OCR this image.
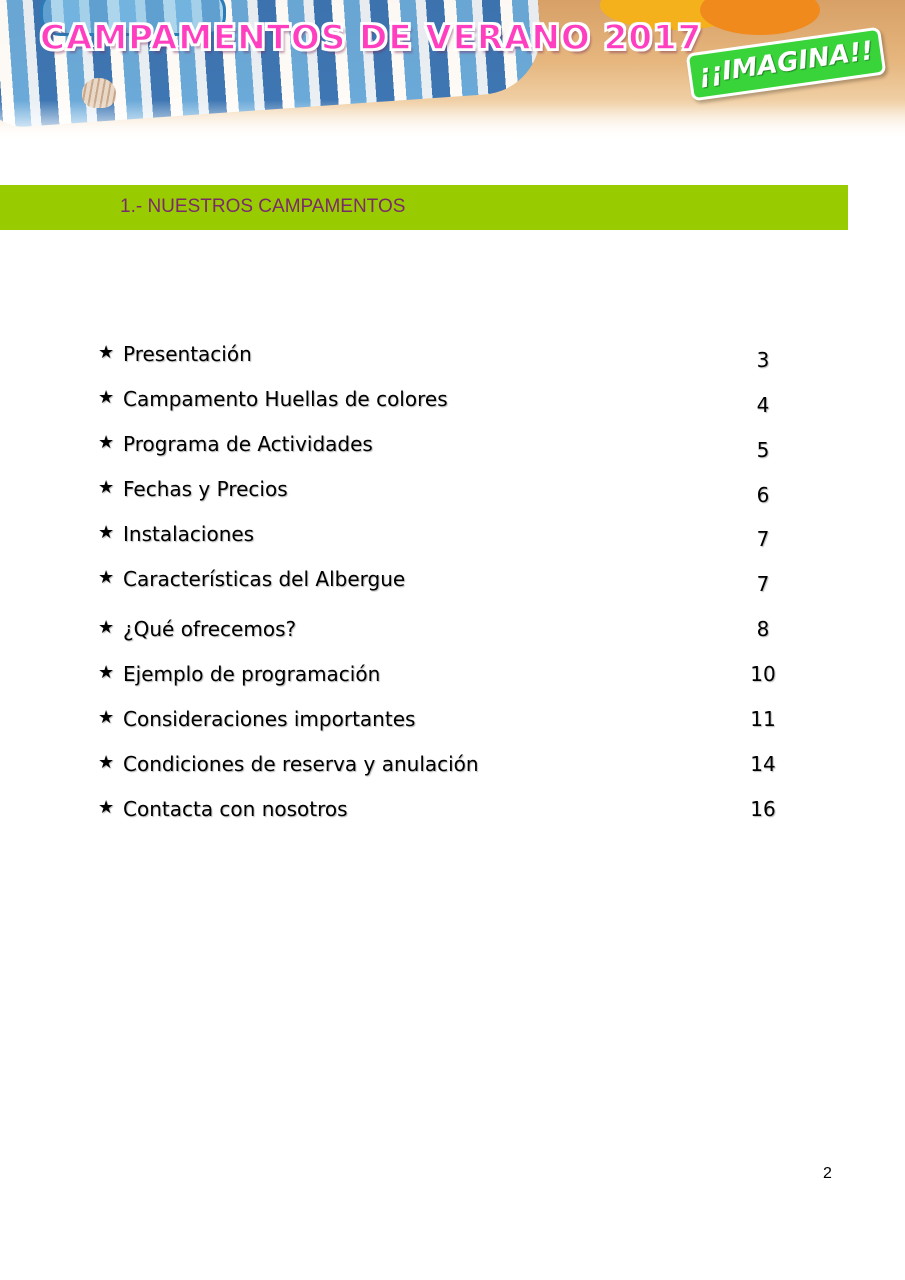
CAMPAMENTOS DE VERANO 2017
¡¡IMAGINA!!
1.- NUESTROS CAMPAMENTOS
★ Presentación	3
★ Campamento Huellas de colores	4
★ Programa de Actividades	5
★ Fechas y Precios	6
★ Instalaciones	7
★ Características del Albergue	7
★ ¿Qué ofrecemos?	8
★ Ejemplo de programación	10
★ Consideraciones importantes	11
★ Condiciones de reserva y anulación	14
★ Contacta con nosotros	16
2
